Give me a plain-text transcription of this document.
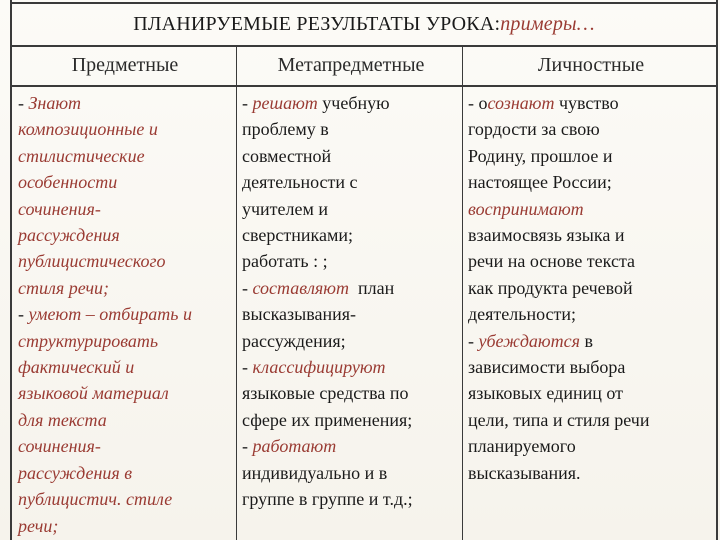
ПЛАНИРУЕМЫЕ РЕЗУЛЬТАТЫ УРОКА: примеры…
Предметные	Метапредметные	Личностные
- Знают
композиционные и
стилистические
особенности
сочинения-
рассуждения
публицистического
стиля речи;
- умеют – отбирать и
структурировать
фактический и
языковой материал
для текста
сочинения-
рассуждения в
публицистич. стиле
речи;
- решают учебную
проблему в
совместной
деятельности с
учителем и
сверстниками;
работать : ;
- составляют  план
высказывания-
рассуждения;
- классифицируют
языковые средства по
сфере их применения;
- работают
индивидуально и в
группе в группе и т.д.;
- осознают чувство
гордости за свою
Родину, прошлое и
настоящее России;
воспринимают
взаимосвязь языка и
речи на основе текста
как продукта речевой
деятельности;
- убеждаются в
зависимости выбора
языковых единиц от
цели, типа и стиля речи
планируемого
высказывания.
